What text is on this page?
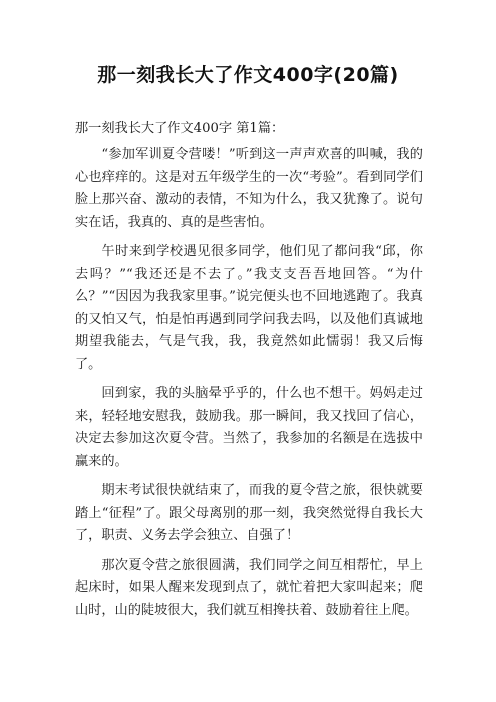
那一刻我长大了作文400字(20篇)

那一刻我长大了作文400字 第1篇：

“参加军训夏令营喽！”听到这一声声欢喜的叫喊，我的心也痒痒的。这是对五年级学生的一次“考验”。看到同学们脸上那兴奋、激动的表情，不知为什么，我又犹豫了。说句实在话，我真的、真的是些害怕。

午时来到学校遇见很多同学，他们见了都问我“邱，你去吗？”“我还还是不去了。”我支支吾吾地回答。“为什么？”“因因为我我家里事。”说完便头也不回地逃跑了。我真的又怕又气，怕是怕再遇到同学问我去吗，以及他们真诚地期望我能去，气是气我，我，我竟然如此懦弱！我又后悔了。

回到家，我的头脑晕乎乎的，什么也不想干。妈妈走过来，轻轻地安慰我，鼓励我。那一瞬间，我又找回了信心，决定去参加这次夏令营。当然了，我参加的名额是在选拔中赢来的。

期末考试很快就结束了，而我的夏令营之旅，很快就要踏上“征程”了。跟父母离别的那一刻，我突然觉得自我长大了，职责、义务去学会独立、自强了！

那次夏令营之旅很圆满，我们同学之间互相帮忙，早上起床时，如果人醒来发现到点了，就忙着把大家叫起来；爬山时，山的陡坡很大，我们就互相搀扶着、鼓励着往上爬。
